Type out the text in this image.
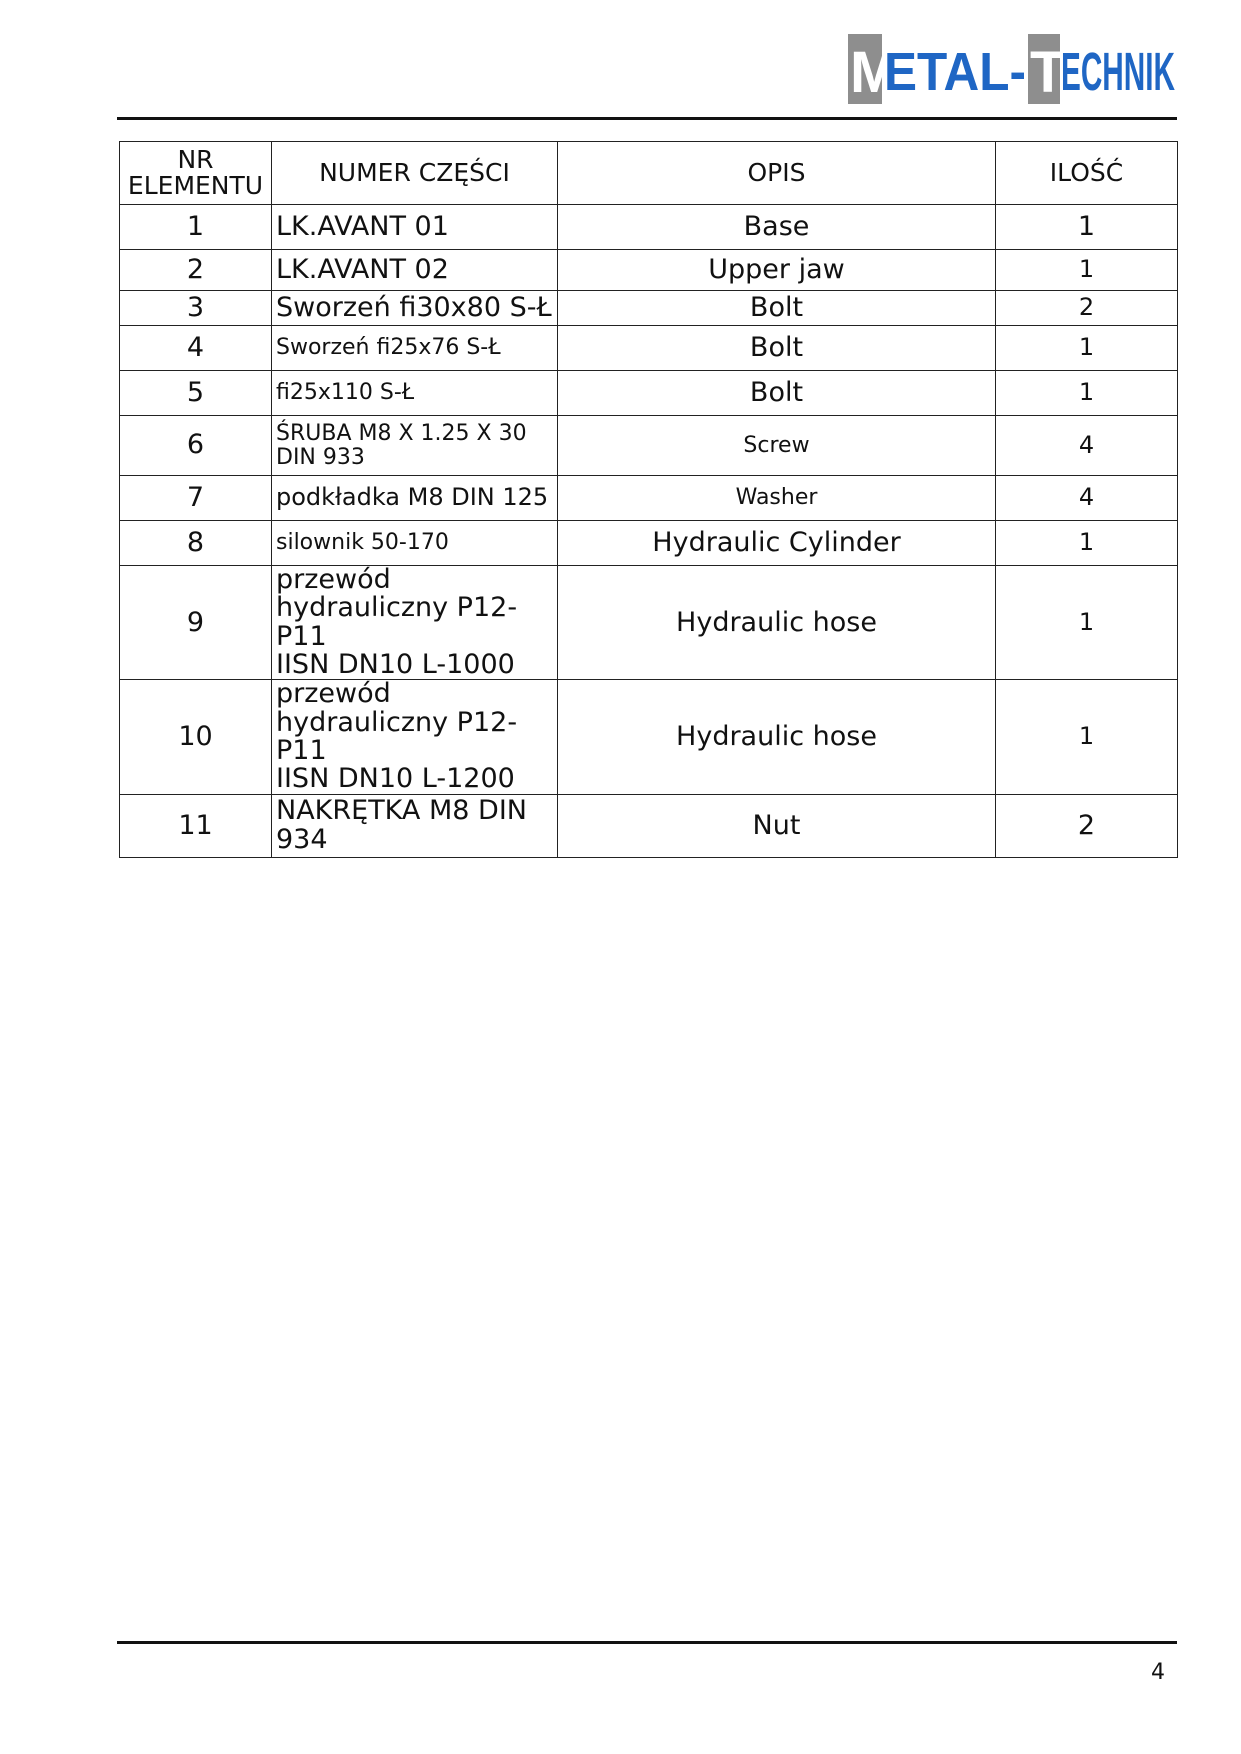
M
ETAL- T
ECHNIK
NR
ELEMENTU	NUMER CZĘŚCI	OPIS	ILOŚĆ
1	LK.AVANT 01	Base	1
2	LK.AVANT 02	Upper jaw	1
3	Sworzeń fi30x80 S-Ł	Bolt	2
4	Sworzeń fi25x76 S-Ł	Bolt	1
5	fi25x110 S-Ł	Bolt	1
6	ŚRUBA M8 X 1.25 X 30
DIN 933	Screw	4
7	podkładka M8 DIN 125	Washer	4
8	silownik 50-170	Hydraulic Cylinder	1
9	przewód
hydrauliczny P12-P11
IISN DN10 L-1000	Hydraulic hose	1
10	przewód
hydrauliczny P12-P11
IISN DN10 L-1200	Hydraulic hose	1
11	NAKRĘTKA M8 DIN
934	Nut	2
4
